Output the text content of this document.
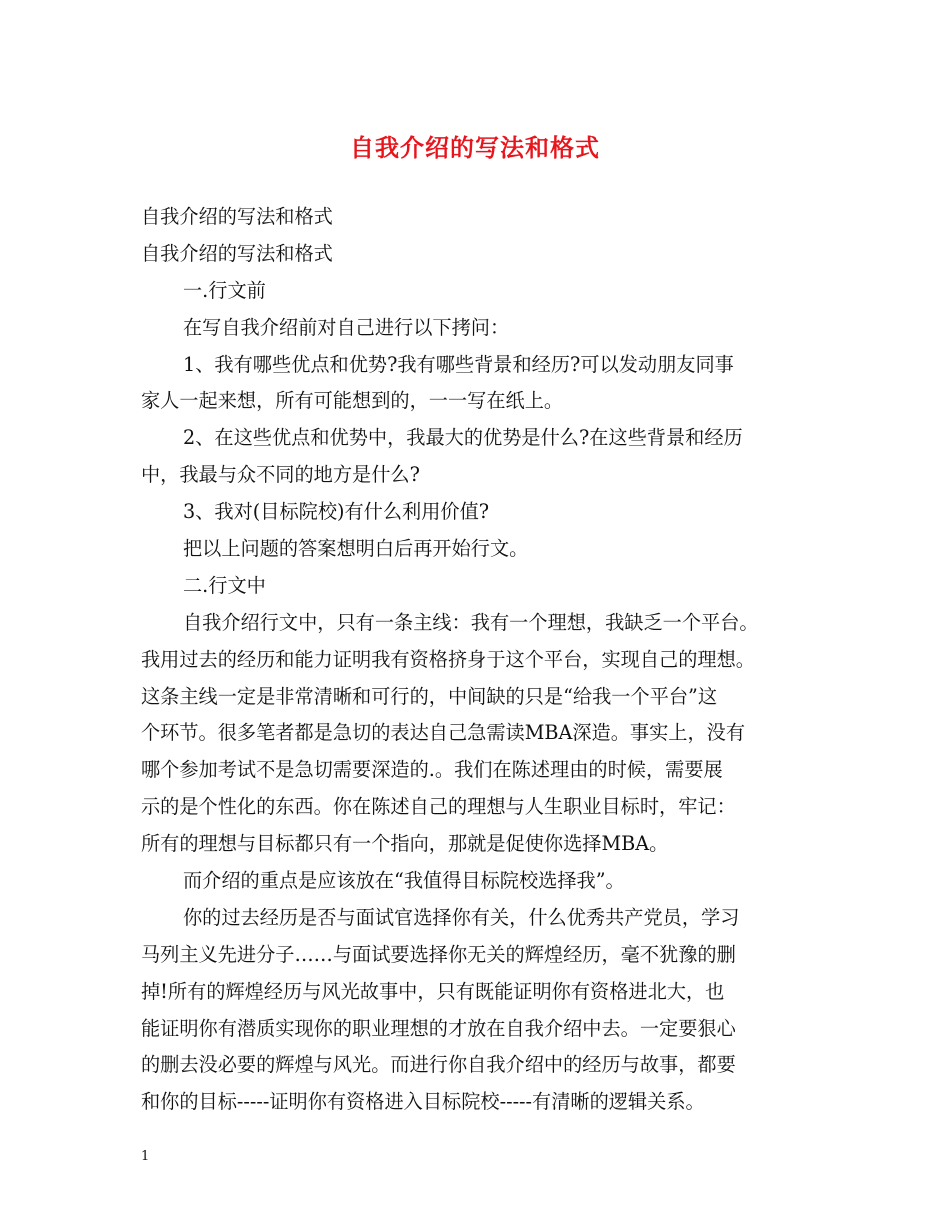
自我介绍的写法和格式
自我介绍的写法和格式
自我介绍的写法和格式
一.行文前
在写自我介绍前对自己进行以下拷问：
1、我有哪些优点和优势?我有哪些背景和经历?可以发动朋友同事
家人一起来想，所有可能想到的，一一写在纸上。
2、在这些优点和优势中，我最大的优势是什么?在这些背景和经历
中，我最与众不同的地方是什么?
3、我对(目标院校)有什么利用价值?
把以上问题的答案想明白后再开始行文。
二.行文中
自我介绍行文中，只有一条主线：我有一个理想，我缺乏一个平台。
我用过去的经历和能力证明我有资格挤身于这个平台，实现自己的理想。
这条主线一定是非常清晰和可行的，中间缺的只是“给我一个平台”这
个环节。很多笔者都是急切的表达自己急需读MBA深造。事实上，没有
哪个参加考试不是急切需要深造的.。我们在陈述理由的时候，需要展
示的是个性化的东西。你在陈述自己的理想与人生职业目标时，牢记：
所有的理想与目标都只有一个指向，那就是促使你选择MBA。
而介绍的重点是应该放在“我值得目标院校选择我”。
你的过去经历是否与面试官选择你有关，什么优秀共产党员，学习
马列主义先进分子……与面试要选择你无关的辉煌经历，毫不犹豫的删
掉!所有的辉煌经历与风光故事中，只有既能证明你有资格进北大，也
能证明你有潜质实现你的职业理想的才放在自我介绍中去。一定要狠心
的删去没必要的辉煌与风光。而进行你自我介绍中的经历与故事，都要
和你的目标-----证明你有资格进入目标院校-----有清晰的逻辑关系。
1
